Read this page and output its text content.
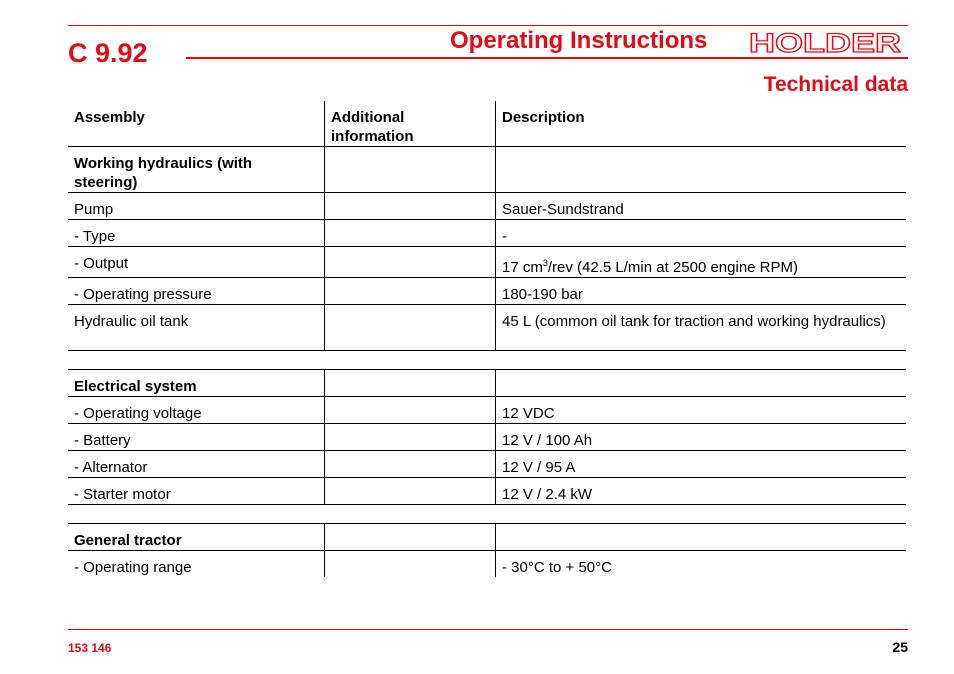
C 9.92	Operating Instructions HOLDER
Technical data
Assembly	Additional information	Description
Working hydraulics (with steering)		
Pump		Sauer-Sundstrand
- Type		-
- Output		17 $cm^3$/rev (42.5 L/min at 2500 engine RPM)
- Operating pressure		180-190 bar
Hydraulic oil tank		45 L (common oil tank for traction and working hydraulics)

Electrical system		
- Operating voltage		12 VDC
- Battery		12 V / 100 Ah
- Alternator		12 V / 95 A
- Starter motor		12 V / 2.4 kW

General tractor		
- Operating range		- 30°C to + 50°C
153 146	25
